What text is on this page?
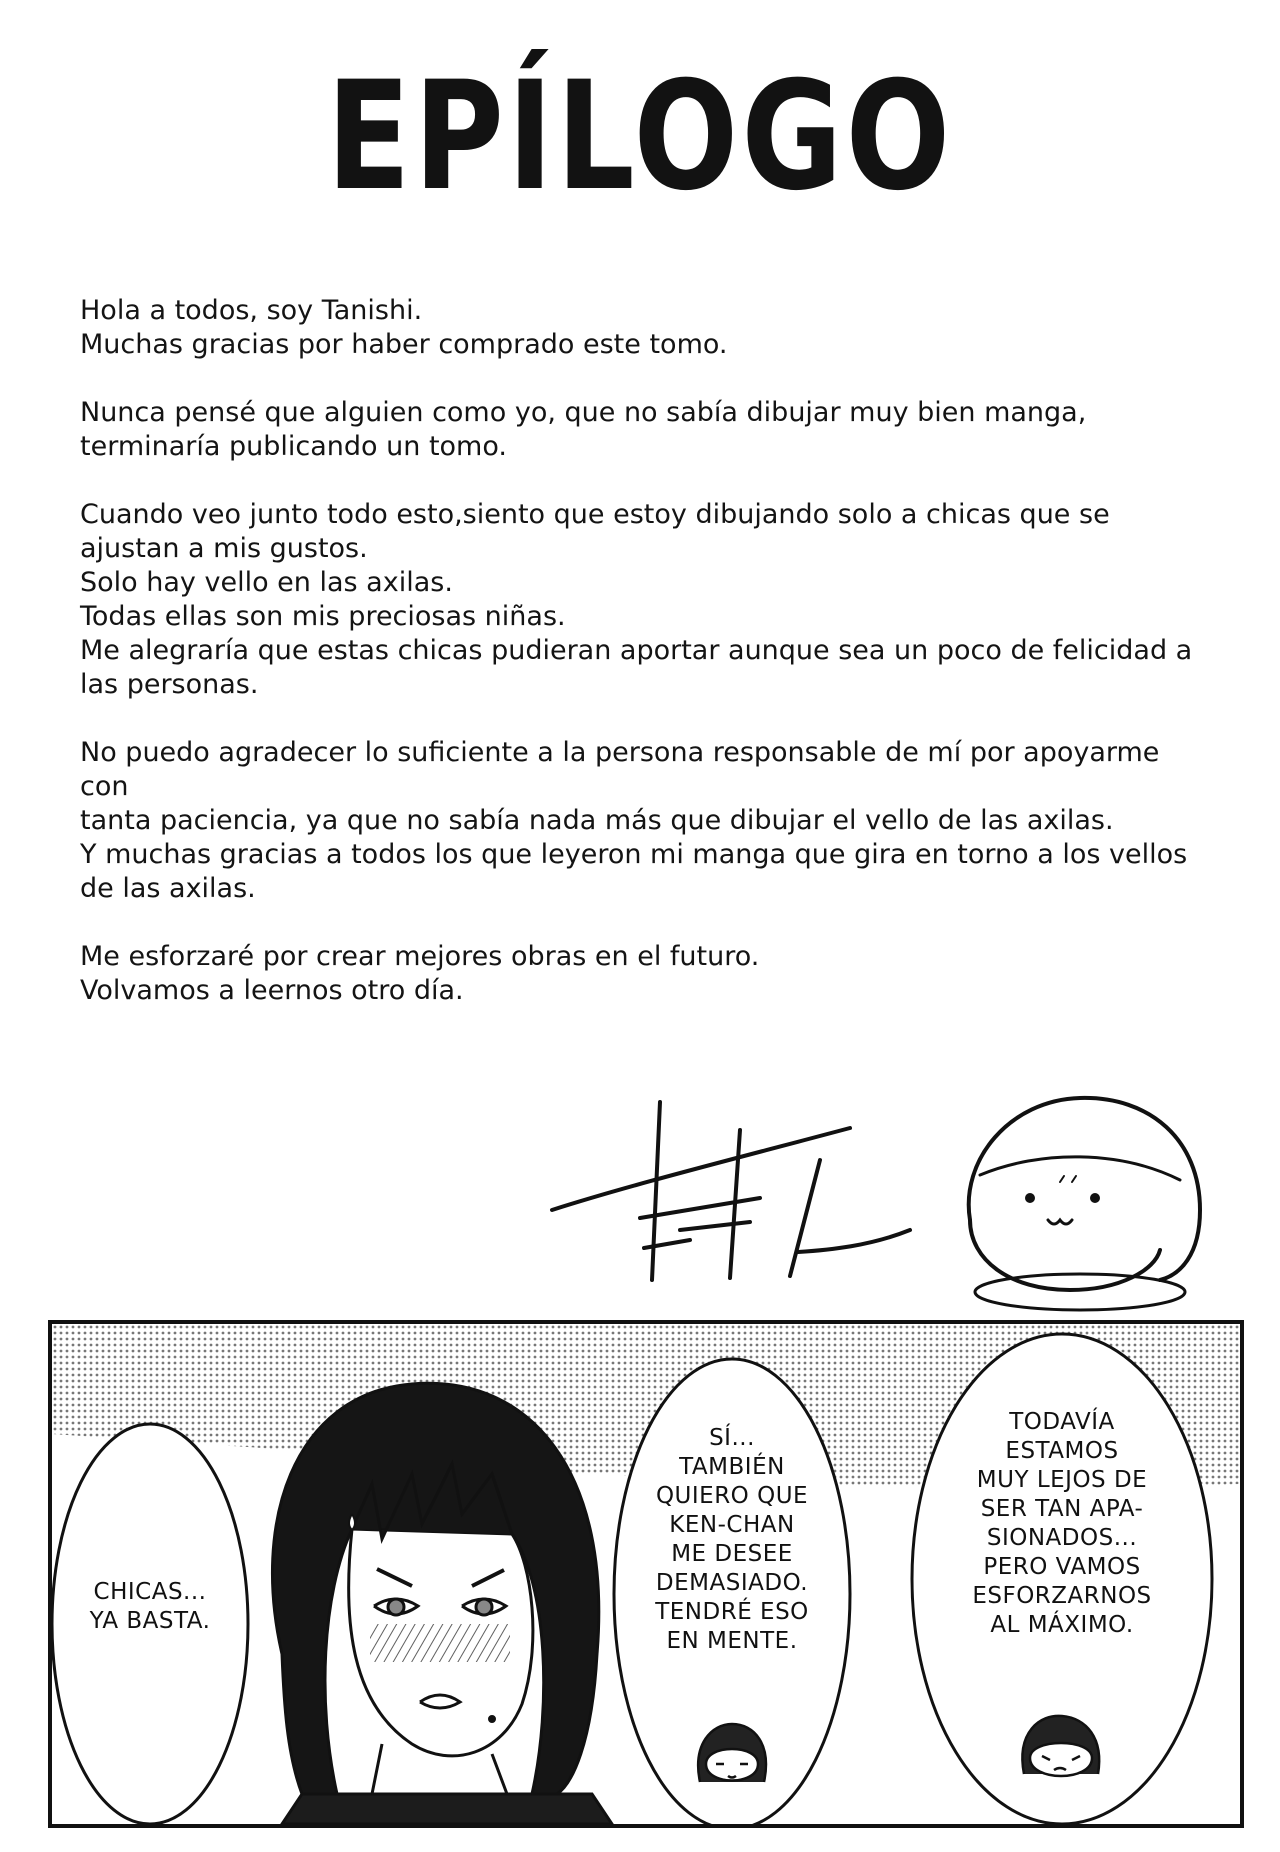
EPÍLOGO
Hola a todos, soy Tanishi.
Muchas gracias por haber comprado este tomo.
Nunca pensé que alguien como yo, que no sabía dibujar muy bien manga,
terminaría publicando un tomo.
Cuando veo junto todo esto,siento que estoy dibujando solo a chicas que se
ajustan a mis gustos.
Solo hay vello en las axilas.
Todas ellas son mis preciosas niñas.
Me alegraría que estas chicas pudieran aportar aunque sea un poco de felicidad a
las personas.
No puedo agradecer lo suficiente a la persona responsable de mí por apoyarme con
tanta paciencia, ya que no sabía nada más que dibujar el vello de las axilas.
Y muchas gracias a todos los que leyeron mi manga que gira en torno a los vellos
de las axilas.
Me esforzaré por crear mejores obras en el futuro.
Volvamos a leernos otro día.
CHICAS...
YA BASTA.
SÍ...
TAMBIÉN
QUIERO QUE
KEN-CHAN
ME DESEE
DEMASIADO.
TENDRÉ ESO
EN MENTE.
TODAVÍA
ESTAMOS
MUY LEJOS DE
SER TAN APA-
SIONADOS...
PERO VAMOS
ESFORZARNOS
AL MÁXIMO.
